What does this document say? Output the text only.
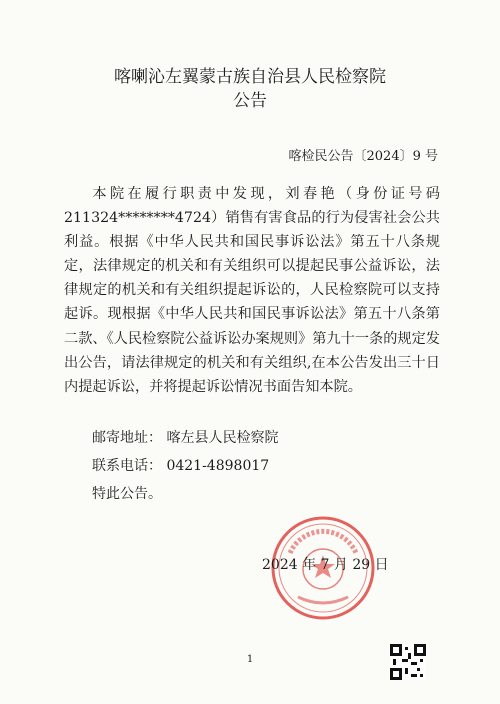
喀喇沁左翼蒙古族自治县人民检察院
公告
喀检民公告〔2024〕9 号

本院在履行职责中发现，刘春艳（身份证号码211324********4724）销售有害食品的行为侵害社会公共利益。根据《中华人民共和国民事诉讼法》第五十八条规定，法律规定的机关和有关组织可以提起民事公益诉讼，法律规定的机关和有关组织提起诉讼的，人民检察院可以支持起诉。现根据《中华人民共和国民事诉讼法》第五十八条第二款、《人民检察院公益诉讼办案规则》第九十一条的规定发出公告，请法律规定的机关和有关组织,在本公告发出三十日内提起诉讼，并将提起诉讼情况书面告知本院。

邮寄地址： 喀左县人民检察院
联系电话： 0421-4898017
特此公告。
2024 年 7 月 29 日
1
